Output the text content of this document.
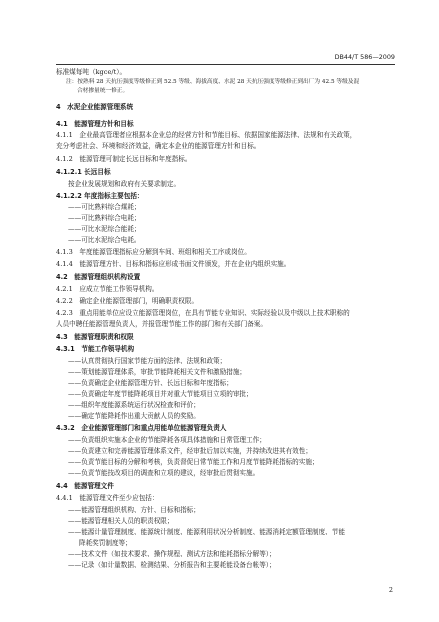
DB44/T 586—2009
标准煤每吨（kgce/t）。
注：按熟料 28 天抗压强度等级修正到 52.5 等级、海拔高度、水泥 28 天抗压强度等级修正到出厂为 42.5 等级及混
合材掺量统一修正。
4　水泥企业能源管理系统
4.1　能源管理方针和目标
4.1.1　企业最高管理者应根据本企业总的经营方针和节能目标、依据国家能源法律、法规和有关政策，
充分考虑社会、环境和经济效益，确定本企业的能源管理方针和目标。
4.1.2　能源管理可制定长远目标和年度指标。
4.1.2.1 长远目标
按企业发展规划和政府有关要求制定。
4.1.2.2 年度指标主要包括：
——可比熟料综合煤耗；
——可比熟料综合电耗；
——可比水泥综合能耗；
——可比水泥综合电耗。
4.1.3　年度能源管理指标应分解到车间、班组和相关工序或岗位。
4.1.4　能源管理方针、目标和指标应形成书面文件颁发，并在企业内组织实施。
4.2　能源管理组织机构设置
4.2.1　应成立节能工作领导机构。
4.2.2　确定企业能源管理部门，明确职责权限。
4.2.3　重点用能单位应设立能源管理岗位，在具有节能专业知识、实际经验以及中级以上技术职称的
人员中聘任能源管理负责人，并报管理节能工作的部门和有关部门备案。
4.3　能源管理职责和权限
4.3.1　节能工作领导机构
——认真贯彻执行国家节能方面的法律、法规和政策；
——策划能源管理体系，审批节能降耗相关文件和激励措施；
——负责确定企业能源管理方针、长远目标和年度指标；
——负责确定年度节能降耗项目并对重大节能项目立项的审批；
——组织年度能源系统运行状况检查和评价；
——确定节能降耗作出重大贡献人员的奖励。
4.3.2　企业能源管理部门和重点用能单位能源管理负责人
——负责组织实施本企业的节能降耗各项具体措施和日常管理工作；
——负责建立和完善能源管理体系文件，经审批后加以实施，并持续改进其有效性；
——负责节能目标的分解和考核，负责督促日常节能工作和月度节能降耗指标的实施；
——负责节能技改项目的调查和立项的建议，经审批后贯彻实施。
4.4　能源管理文件
4.4.1　能源管理文件至少应包括：
——能源管理组织机构、方针、目标和指标；
——能源管理相关人员的职责权限；
——能源计量管理制度、能源统计制度、能源利用状况分析制度、能源消耗定额管理制度、节能
降耗奖罚制度等；
——技术文件（如技术要求、操作规程、测试方法和能耗指标分解等）；
——记录（如计量数据、检测结果、分析报告和主要耗能设备台帐等）；
2
